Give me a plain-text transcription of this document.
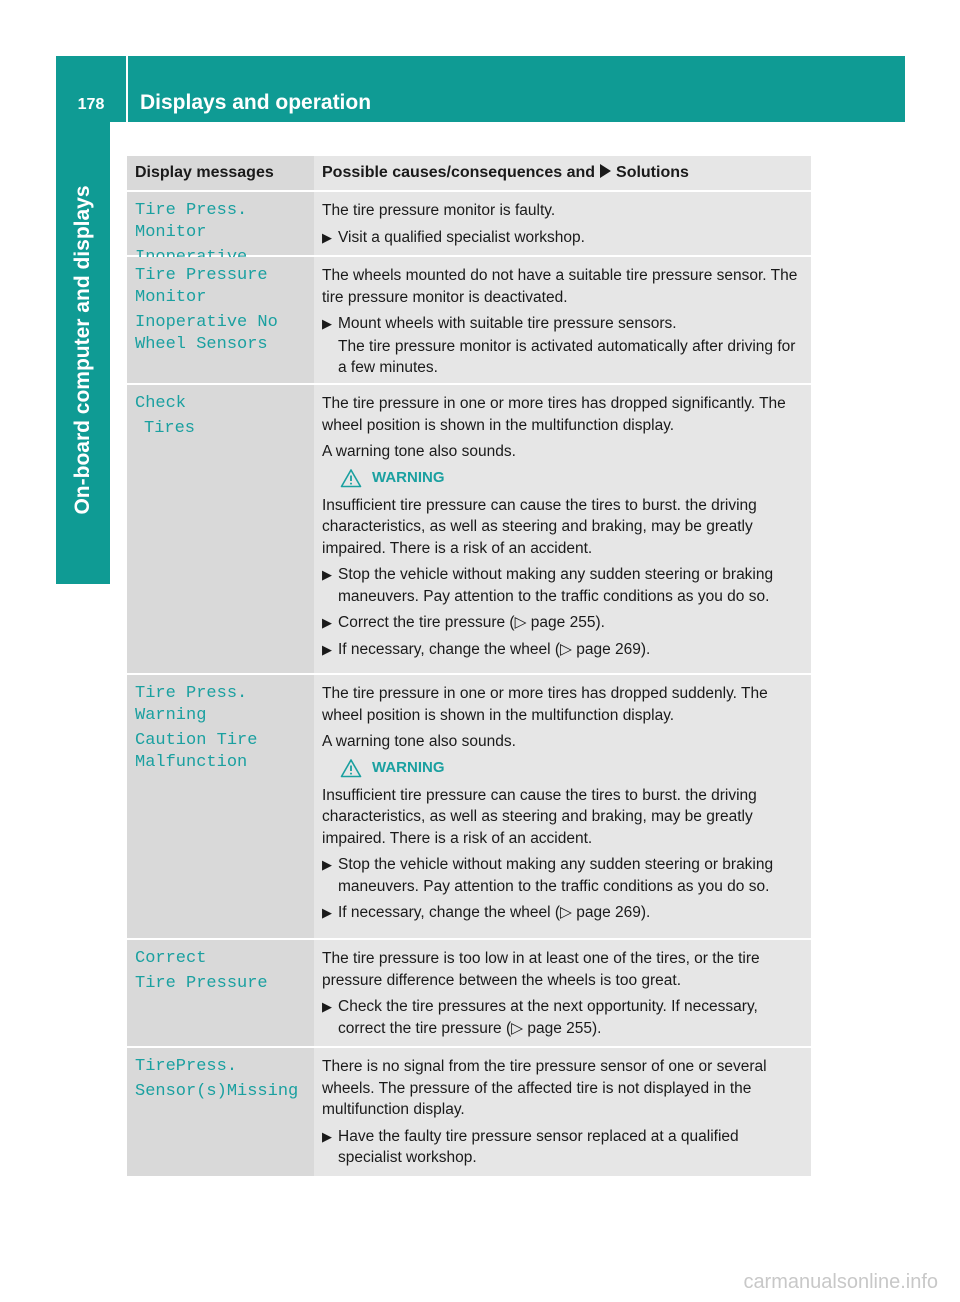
178	Displays and operation
On-board computer and displays
Display messages	Possible causes/consequences and Solutions
Tire Press. Monitor

The tire pressure monitor is faulty.

▶ Visit a qualified specialist workshop.
Tire Pressure Monitor
Inoperative No Wheel Sensors

The wheels mounted do not have a suitable tire pressure sensor. The tire pressure monitor is deactivated.

▶ Mount wheels with suitable tire pressure sensors.
The tire pressure monitor is activated automatically after driving for a few minutes.
Check
Tires

The tire pressure in one or more tires has dropped significantly. The wheel position is shown in the multifunction display.

A warning tone also sounds.

WARNING

Insufficient tire pressure can cause the tires to burst. the driving characteristics, as well as steering and braking, may be greatly impaired. There is a risk of an accident.

▶ Stop the vehicle without making any sudden steering or braking maneuvers. Pay attention to the traffic conditions as you do so.
▶ Correct the tire pressure (▷ page 255).
▶ If necessary, change the wheel (▷ page 269).
Tire Press. Warning
Caution Tire Malfunction

The tire pressure in one or more tires has dropped suddenly. The wheel position is shown in the multifunction display.

A warning tone also sounds.

WARNING

Insufficient tire pressure can cause the tires to burst. the driving characteristics, as well as steering and braking, may be greatly impaired. There is a risk of an accident.

▶ Stop the vehicle without making any sudden steering or braking maneuvers. Pay attention to the traffic conditions as you do so.
▶ If necessary, change the wheel (▷ page 269).
Correct
Tire Pressure

The tire pressure is too low in at least one of the tires, or the tire pressure difference between the wheels is too great.

▶ Check the tire pressures at the next opportunity. If necessary, correct the tire pressure (▷ page 255).
TirePress.
Sensor(s)Missing

There is no signal from the tire pressure sensor of one or several wheels. The pressure of the affected tire is not displayed in the multifunction display.

▶ Have the faulty tire pressure sensor replaced at a qualified specialist workshop.
carmanualsonline.info
